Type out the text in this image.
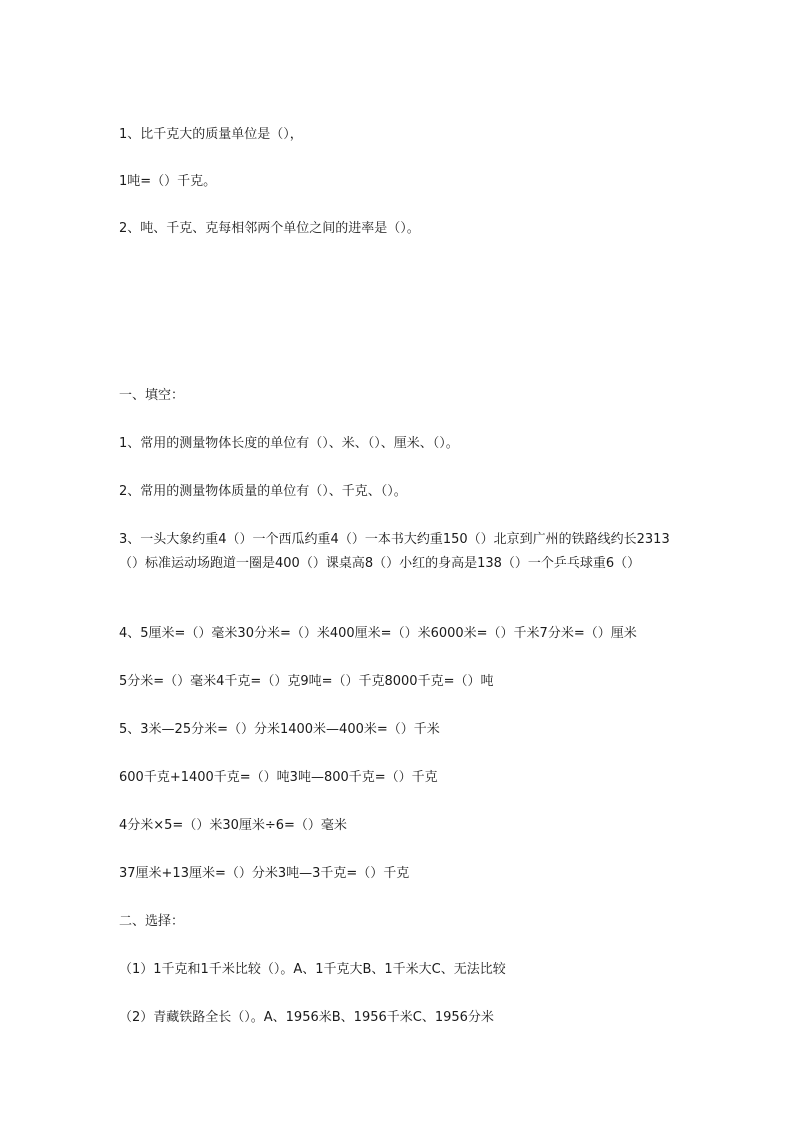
1、比千克大的质量单位是（），
1吨=（）千克。
2、吨、千克、克每相邻两个单位之间的进率是（）。
一、填空：
1、常用的测量物体长度的单位有（）、米、（）、厘米、（）。
2、常用的测量物体质量的单位有（）、千克、（）。
3、一头大象约重4（）一个西瓜约重4（）一本书大约重150（）北京到广州的铁路线约长2313（）标准运动场跑道一圈是400（）课桌高8（）小红的身高是138（）一个乒乓球重6（）
4、5厘米=（）毫米30分米=（）米400厘米=（）米6000米=（）千米7分米=（）厘米
5分米=（）毫米4千克=（）克9吨=（）千克8000千克=（）吨
5、3米—25分米=（）分米1400米—400米=（）千米
600千克+1400千克=（）吨3吨—800千克=（）千克
4分米×5=（）米30厘米÷6=（）毫米
37厘米+13厘米=（）分米3吨—3千克=（）千克
二、选择：
（1）1千克和1千米比较（）。A、1千克大B、1千米大C、无法比较
（2）青藏铁路全长（）。A、1956米B、1956千米C、1956分米
